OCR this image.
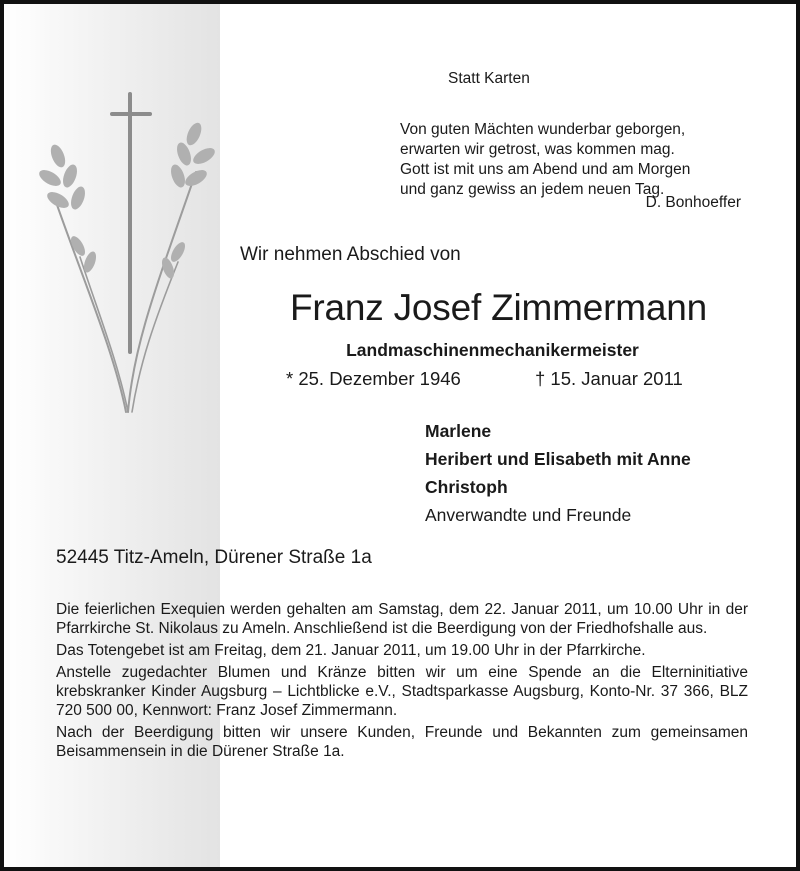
Statt Karten

Von guten Mächten wunderbar geborgen,
erwarten wir getrost, was kommen mag.
Gott ist mit uns am Abend und am Morgen
und ganz gewiss an jedem neuen Tag.
D. Bonhoeffer

Wir nehmen Abschied von

Franz Josef Zimmermann

Landmaschinenmechanikermeister

* 25. Dezember 1946	† 15. Januar 2011

Marlene
Heribert und Elisabeth mit Anne
Christoph
Anverwandte und Freunde

52445 Titz-Ameln, Dürener Straße 1a

Die feierlichen Exequien werden gehalten am Samstag, dem 22. Januar 2011, um 10.00 Uhr in der Pfarrkirche St. Nikolaus zu Ameln. Anschließend ist die Beerdigung von der Friedhofshalle aus.

Das Totengebet ist am Freitag, dem 21. Januar 2011, um 19.00 Uhr in der Pfarrkirche.

Anstelle zugedachter Blumen und Kränze bitten wir um eine Spende an die Elterninitiative krebskranker Kinder Augsburg – Lichtblicke e.V., Stadtsparkasse Augsburg, Konto-Nr. 37 366, BLZ 720 500 00, Kennwort: Franz Josef Zimmermann.

Nach der Beerdigung bitten wir unsere Kunden, Freunde und Bekannten zum gemeinsamen Beisammensein in die Dürener Straße 1a.
